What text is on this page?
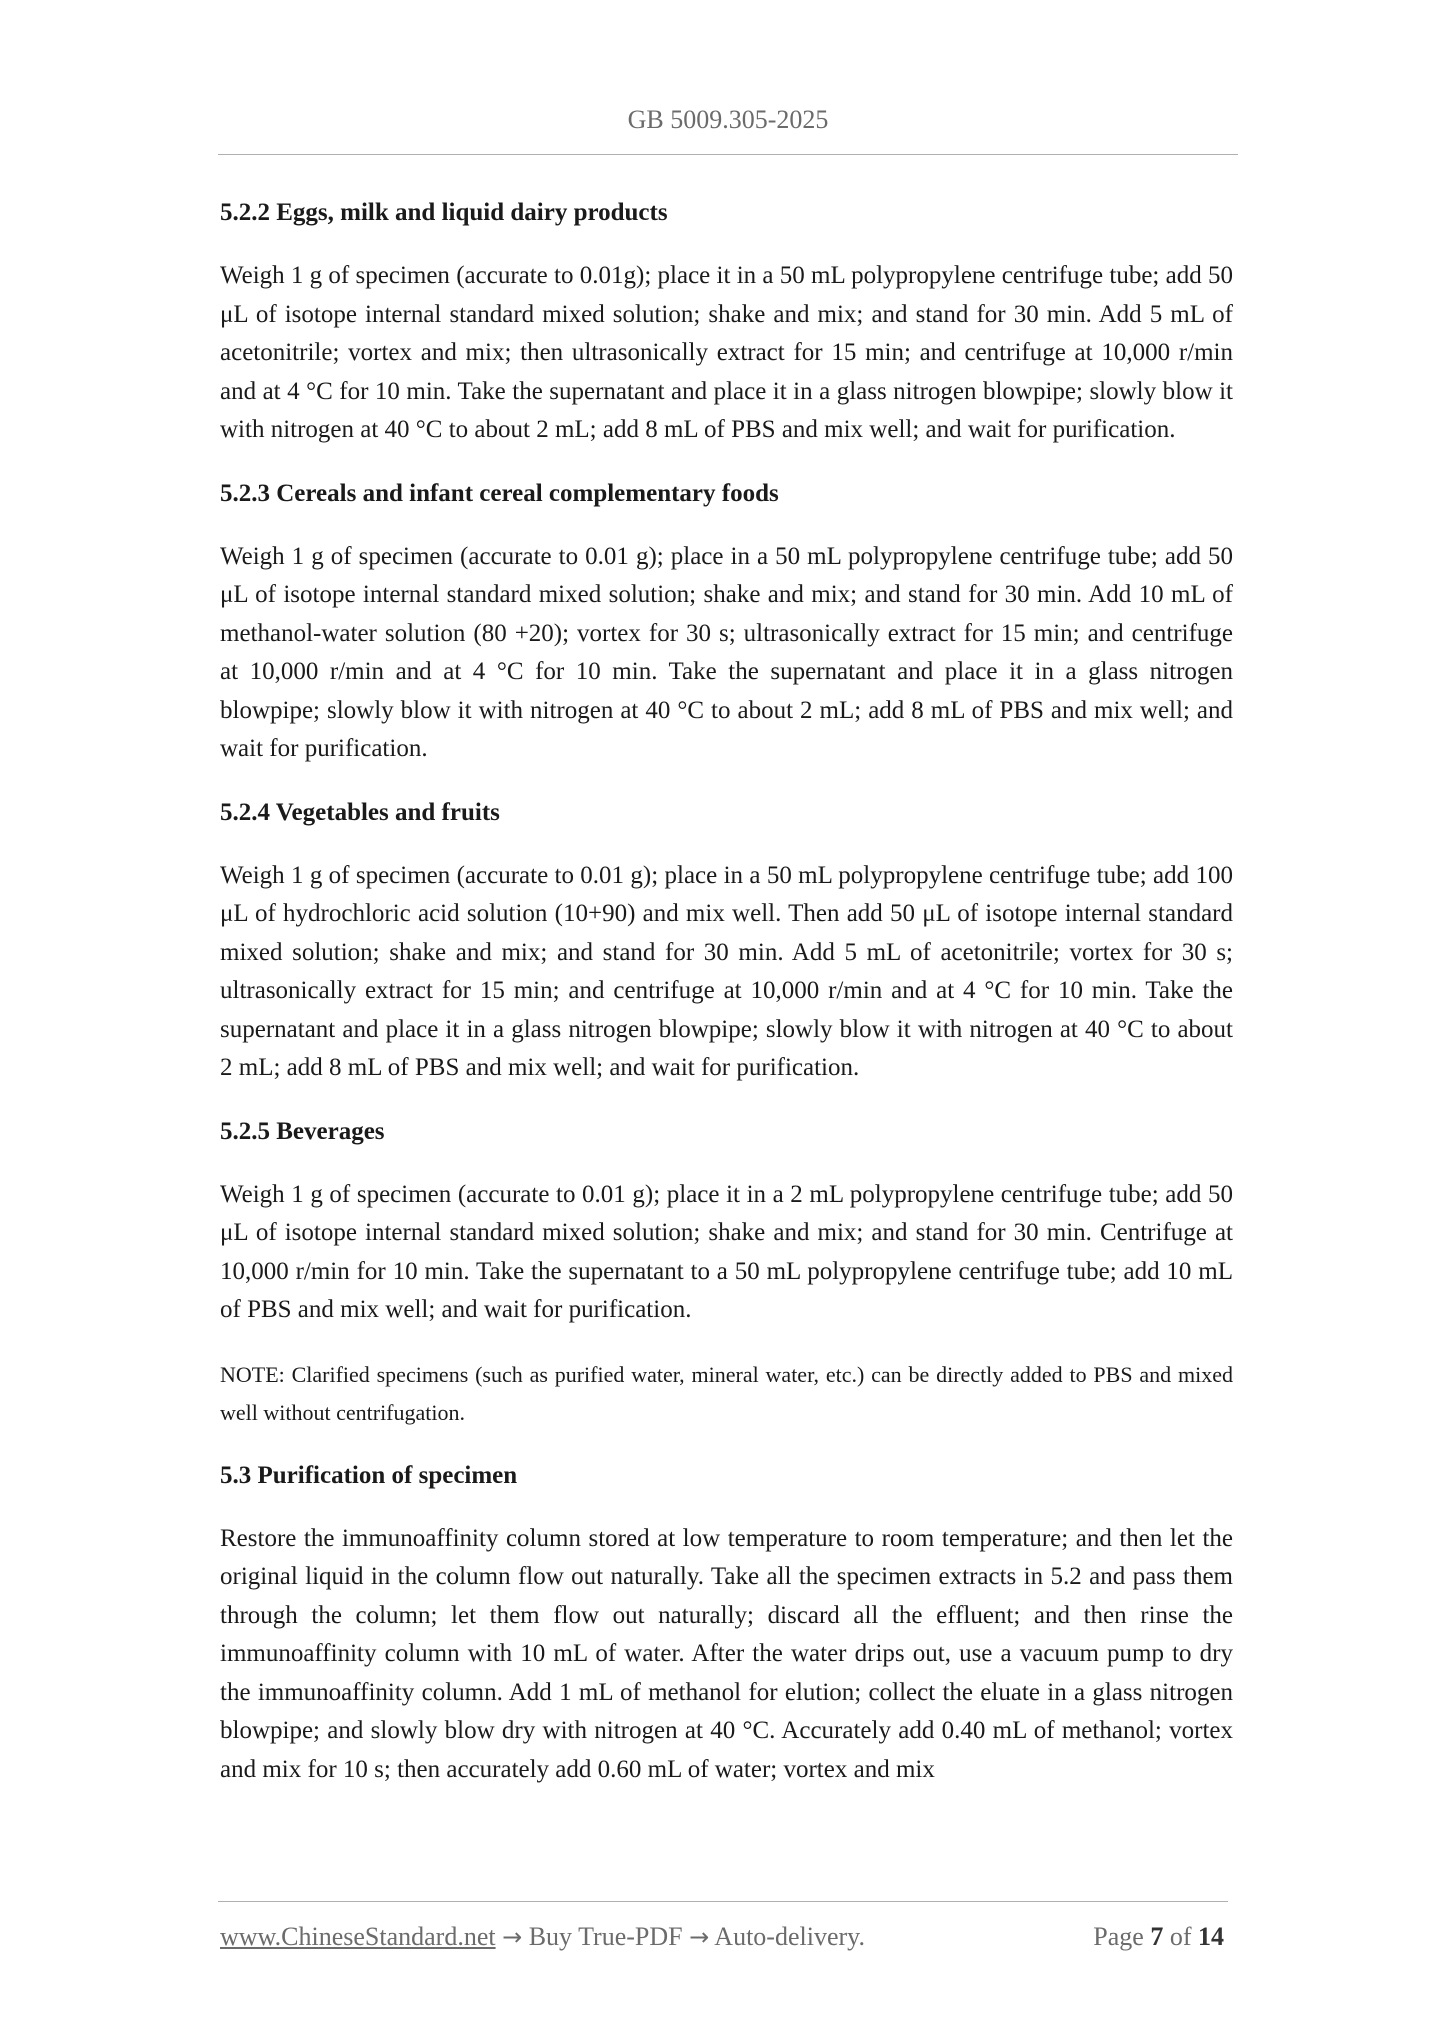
GB 5009.305-2025
5.2.2 Eggs, milk and liquid dairy products
Weigh 1 g of specimen (accurate to 0.01g); place it in a 50 mL polypropylene centrifuge tube; add 50 μL of isotope internal standard mixed solution; shake and mix; and stand for 30 min. Add 5 mL of acetonitrile; vortex and mix; then ultrasonically extract for 15 min; and centrifuge at 10,000 r/min and at 4 °C for 10 min. Take the supernatant and place it in a glass nitrogen blowpipe; slowly blow it with nitrogen at 40 °C to about 2 mL; add 8 mL of PBS and mix well; and wait for purification.
5.2.3 Cereals and infant cereal complementary foods
Weigh 1 g of specimen (accurate to 0.01 g); place in a 50 mL polypropylene centrifuge tube; add 50 μL of isotope internal standard mixed solution; shake and mix; and stand for 30 min. Add 10 mL of methanol-water solution (80 +20); vortex for 30 s; ultrasonically extract for 15 min; and centrifuge at 10,000 r/min and at 4 °C for 10 min. Take the supernatant and place it in a glass nitrogen blowpipe; slowly blow it with nitrogen at 40 °C to about 2 mL; add 8 mL of PBS and mix well; and wait for purification.
5.2.4 Vegetables and fruits
Weigh 1 g of specimen (accurate to 0.01 g); place in a 50 mL polypropylene centrifuge tube; add 100 μL of hydrochloric acid solution (10+90) and mix well. Then add 50 μL of isotope internal standard mixed solution; shake and mix; and stand for 30 min. Add 5 mL of acetonitrile; vortex for 30 s; ultrasonically extract for 15 min; and centrifuge at 10,000 r/min and at 4 °C for 10 min. Take the supernatant and place it in a glass nitrogen blowpipe; slowly blow it with nitrogen at 40 °C to about 2 mL; add 8 mL of PBS and mix well; and wait for purification.
5.2.5 Beverages
Weigh 1 g of specimen (accurate to 0.01 g); place it in a 2 mL polypropylene centrifuge tube; add 50 μL of isotope internal standard mixed solution; shake and mix; and stand for 30 min. Centrifuge at 10,000 r/min for 10 min. Take the supernatant to a 50 mL polypropylene centrifuge tube; add 10 mL of PBS and mix well; and wait for purification.
NOTE: Clarified specimens (such as purified water, mineral water, etc.) can be directly added to PBS and mixed well without centrifugation.
5.3 Purification of specimen
Restore the immunoaffinity column stored at low temperature to room temperature; and then let the original liquid in the column flow out naturally. Take all the specimen extracts in 5.2 and pass them through the column; let them flow out naturally; discard all the effluent; and then rinse the immunoaffinity column with 10 mL of water. After the water drips out, use a vacuum pump to dry the immunoaffinity column. Add 1 mL of methanol for elution; collect the eluate in a glass nitrogen blowpipe; and slowly blow dry with nitrogen at 40 °C. Accurately add 0.40 mL of methanol; vortex and mix for 10 s; then accurately add 0.60 mL of water; vortex and mix
www.ChineseStandard.net → Buy True-PDF → Auto-delivery.	Page 7 of 14
